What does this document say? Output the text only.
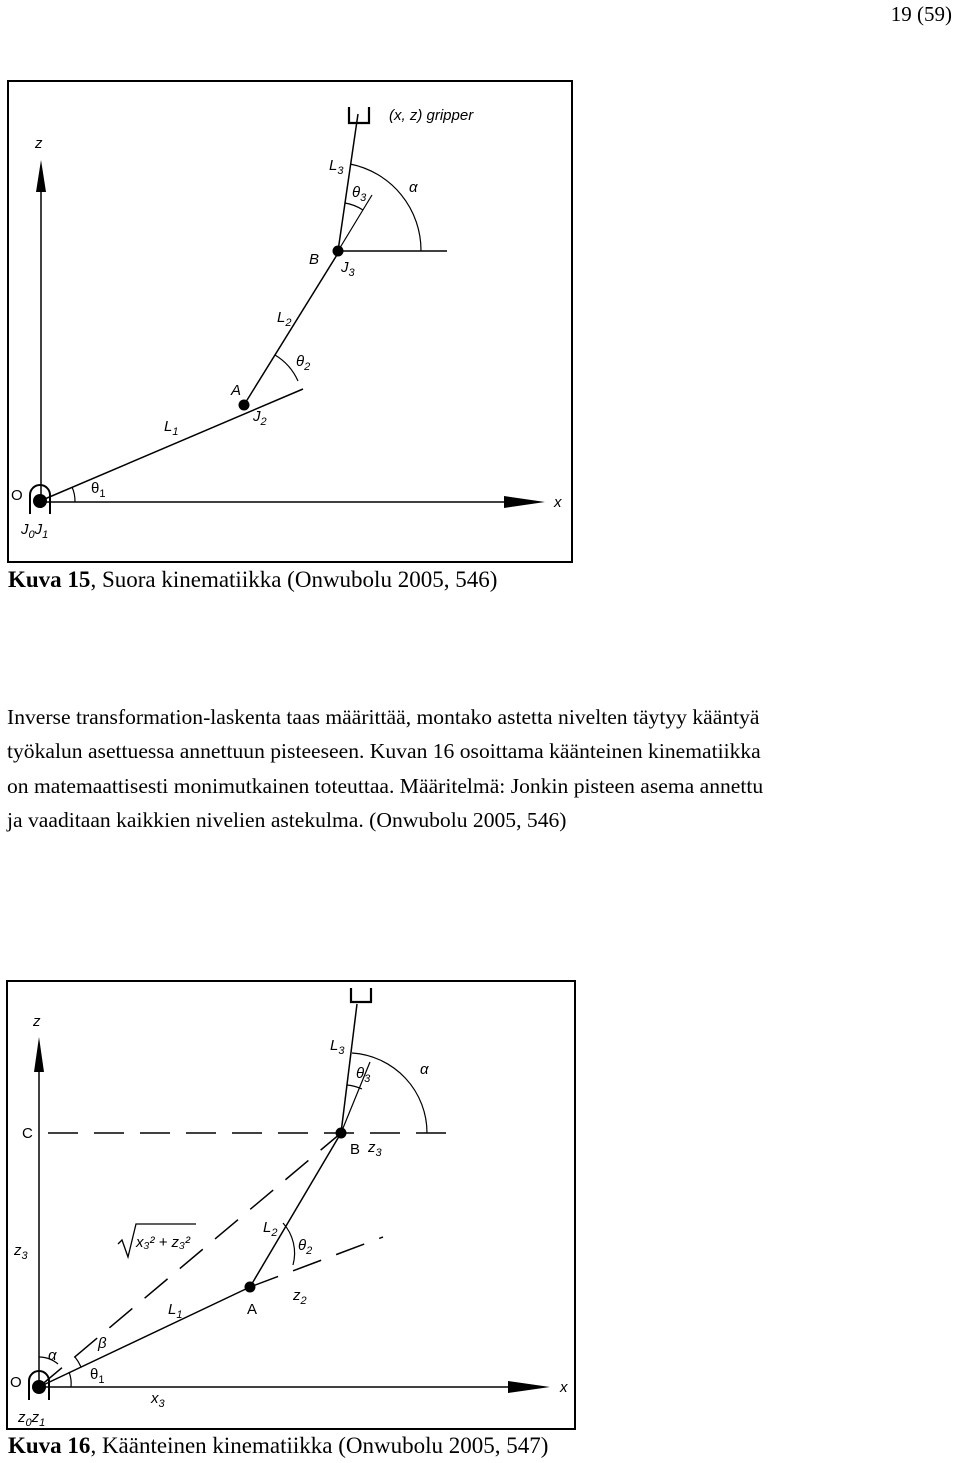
19 (59)
z
x
O
(x, z) gripper
$L_3$
$\theta_3$
α
B $J_3$
$L_2$
$\theta_2$
A
$J_2$
$L_1$
$\theta_1$
$J_0J_1$
Kuva 15, Suora kinematiikka (Onwubolu 2005, 546)

Inverse transformation-laskenta taas määrittää, montako astetta nivelten täytyy kääntyä
työkalun asettuessa annettuun pisteeseen. Kuvan 16 osoittama käänteinen kinematiikka
on matemaattisesti monimutkainen toteuttaa. Määritelmä: Jonkin pisteen asema annettu
ja vaaditaan kaikkien nivelien astekulma. (Onwubolu 2005, 546)

z
x
O
C
$z_3$
$L_3$
$\theta_3$
α
B $z_3$
x₃² + z₃²
$L_2$
$\theta_2$
$z_2$
A
$L_1$
β
α
$\theta_1$
$x_3$
$z_0z_1$
Kuva 16, Käänteinen kinematiikka (Onwubolu 2005, 547)
